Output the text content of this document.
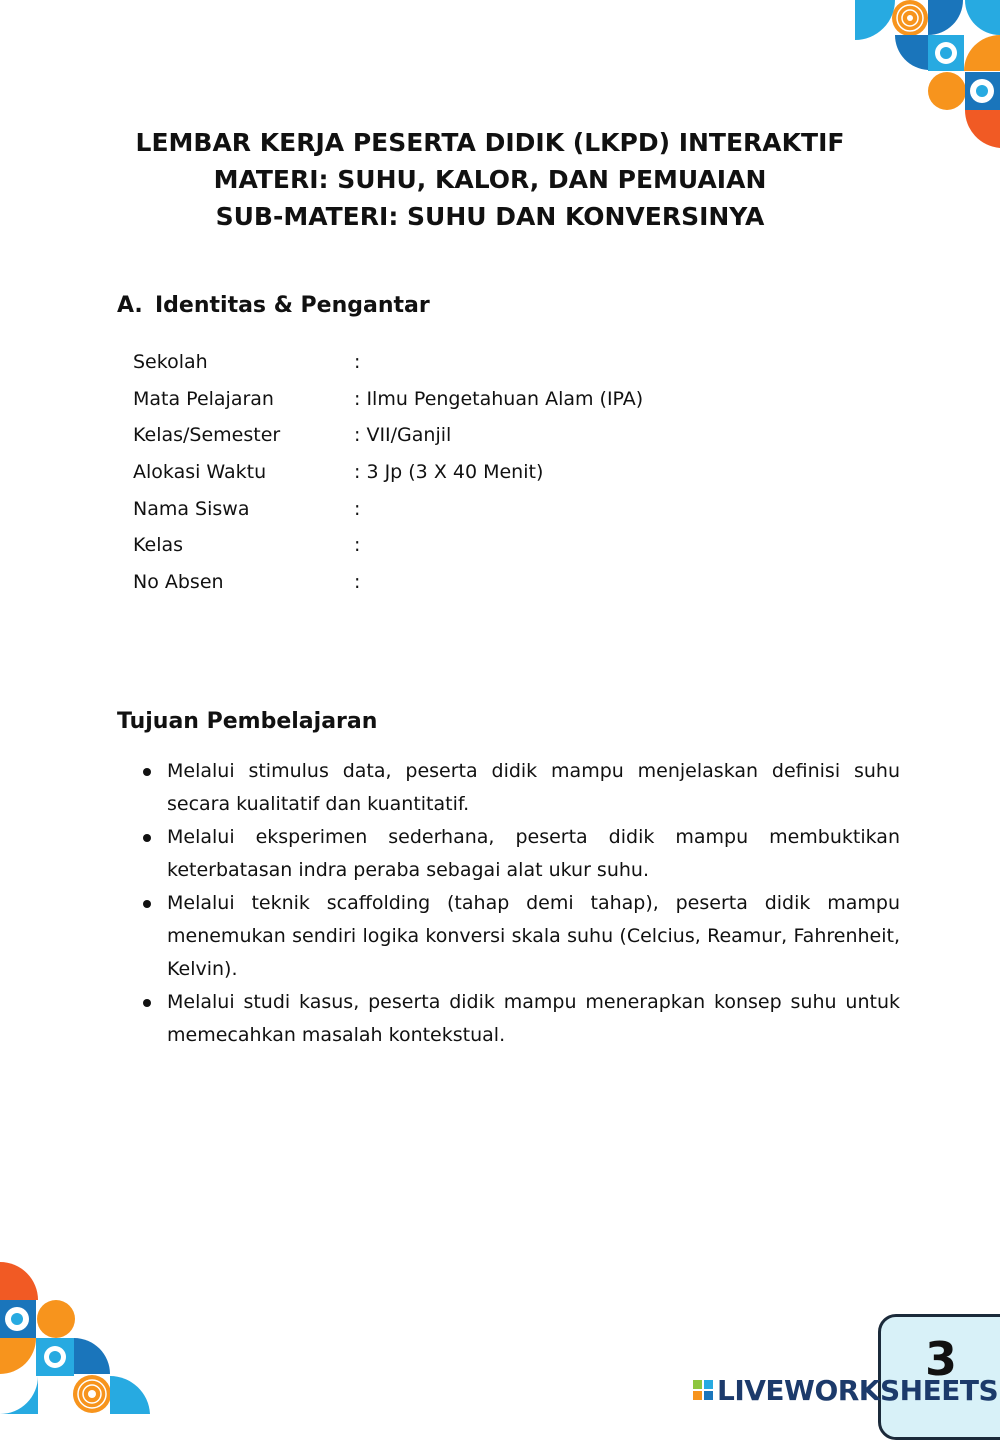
LEMBAR KERJA PESERTA DIDIK (LKPD) INTERAKTIF
MATERI: SUHU, KALOR, DAN PEMUAIAN
SUB-MATERI: SUHU DAN KONVERSINYA
A. Identitas & Pengantar
Sekolah	:
Mata Pelajaran	: Ilmu Pengetahuan Alam (IPA)
Kelas/Semester	: VII/Ganjil
Alokasi Waktu	: 3 Jp (3 X 40 Menit)
Nama Siswa	:
Kelas	:
No Absen	:
Tujuan Pembelajaran
Melalui stimulus data, peserta didik mampu menjelaskan definisi suhu secara kualitatif dan kuantitatif.
Melalui eksperimen sederhana, peserta didik mampu membuktikan keterbatasan indra peraba sebagai alat ukur suhu.
Melalui teknik scaffolding (tahap demi tahap), peserta didik mampu menemukan sendiri logika konversi skala suhu (Celcius, Reamur, Fahrenheit, Kelvin).
Melalui studi kasus, peserta didik mampu menerapkan konsep suhu untuk memecahkan masalah kontekstual.
3
LIVEWORKSHEETS
